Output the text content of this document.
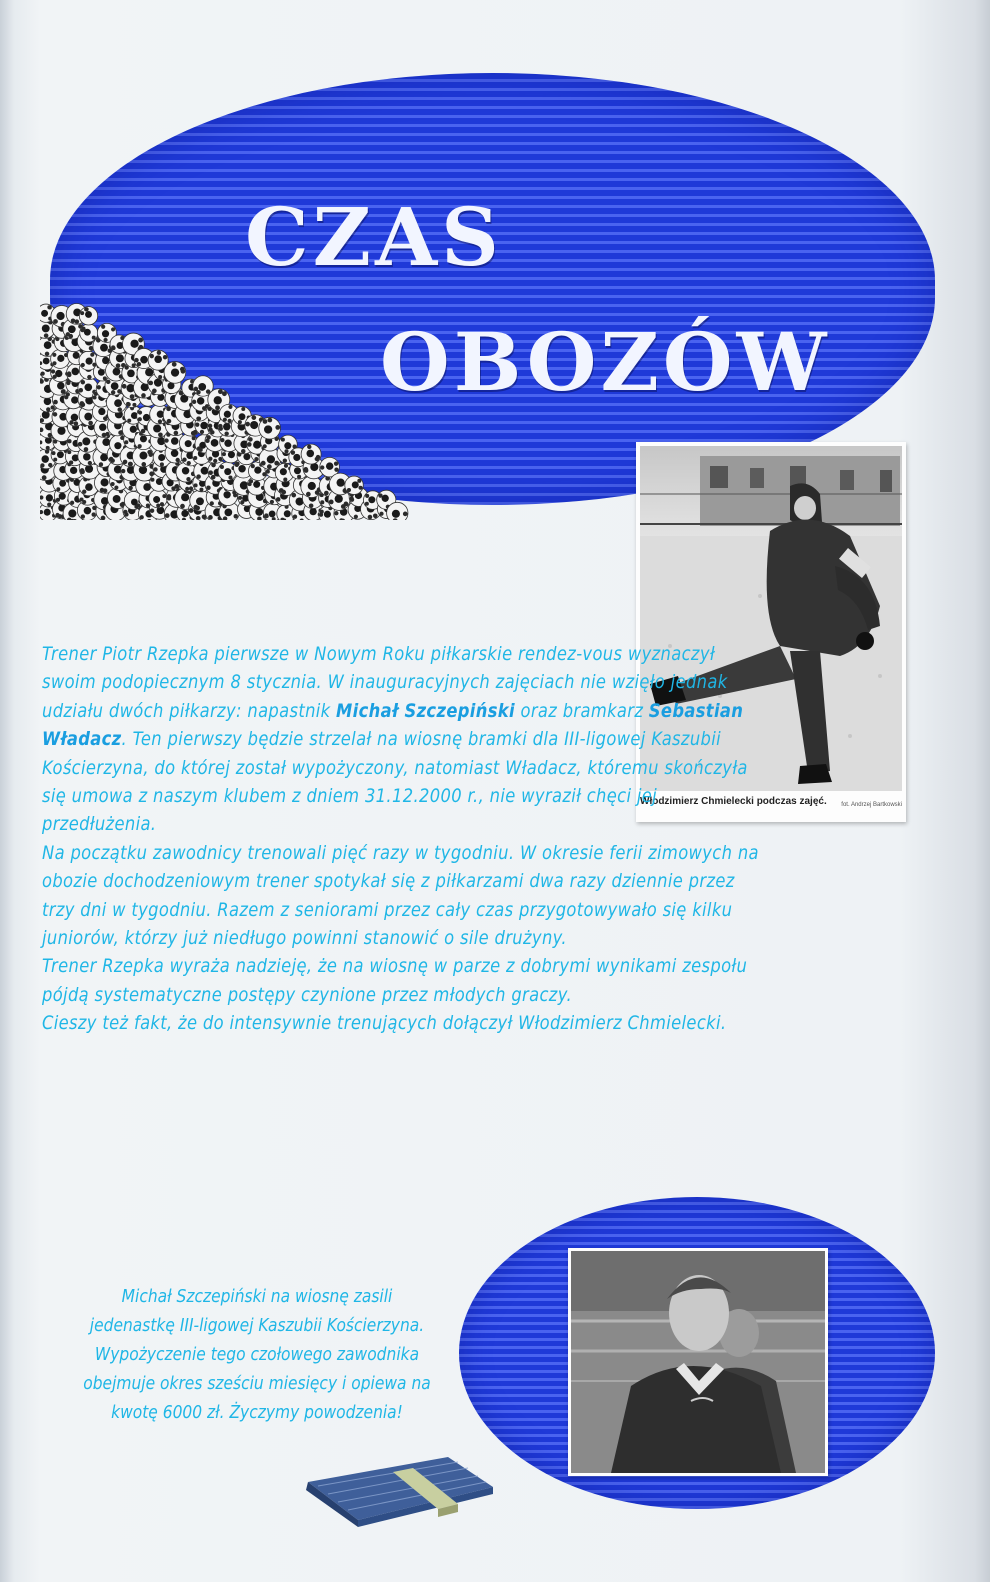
CZAS
OBOZÓW
Włodzimierz Chmielecki podczas zajęć. fot. Andrzej Bartkowski

Trener Piotr Rzepka pierwsze w Nowym Roku piłkarskie rendez-vous wyznaczył swoim podopiecznym 8 stycznia. W inauguracyjnych zajęciach nie wzięło jednak udziału dwóch piłkarzy: napastnik Michał Szczepiński oraz bramkarz Sebastian Władacz. Ten pierwszy będzie strzelał na wiosnę bramki dla III-ligowej Kaszubii Kościerzyna, do której został wypożyczony, natomiast Władacz, któremu skończyła się umowa z naszym klubem z dniem 31.12.2000 r., nie wyraził chęci jej przedłużenia.

Na początku zawodnicy trenowali pięć razy w tygodniu. W okresie ferii zimowych na obozie dochodzeniowym trener spotykał się z piłkarzami dwa razy dziennie przez trzy dni w tygodniu. Razem z seniorami przez cały czas przygotowywało się kilku juniorów, którzy już niedługo powinni stanowić o sile drużyny.

Trener Rzepka wyraża nadzieję, że na wiosnę w parze z dobrymi wynikami zespołu pójdą systematyczne postępy czynione przez młodych graczy.

Cieszy też fakt, że do intensywnie trenujących dołączył Włodzimierz Chmielecki.

Michał Szczepiński na wiosnę zasili jedenastkę III-ligowej Kaszubii Kościerzyna. Wypożyczenie tego czołowego zawodnika obejmuje okres sześciu miesięcy i opiewa na kwotę 6000 zł. Życzymy powodzenia!
